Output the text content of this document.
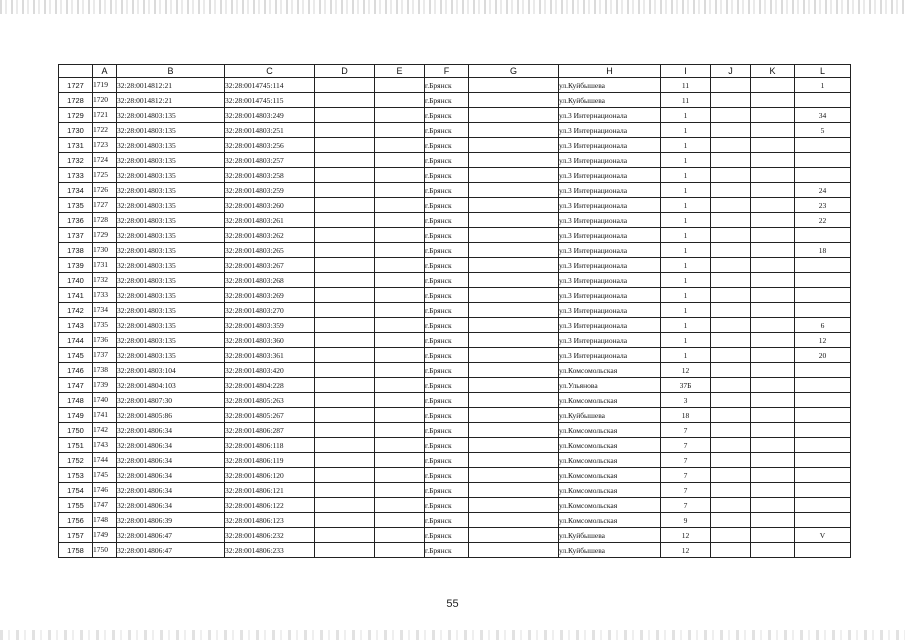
	A	B	C	D	E	F	G	H	I	J	K	L
1727	1719	32:28:0014812:21	32:28:0014745:114			г.Брянск		ул.Куйбышева	11			1
1728	1720	32:28:0014812:21	32:28:0014745:115			г.Брянск		ул.Куйбышева	11			
1729	1721	32:28:0014803:135	32:28:0014803:249			г.Брянск		ул.3 Интернационала	1			34
1730	1722	32:28:0014803:135	32:28:0014803:251			г.Брянск		ул.3 Интернационала	1			5
1731	1723	32:28:0014803:135	32:28:0014803:256			г.Брянск		ул.3 Интернационала	1			
1732	1724	32:28:0014803:135	32:28:0014803:257			г.Брянск		ул.3 Интернационала	1			
1733	1725	32:28:0014803:135	32:28:0014803:258			г.Брянск		ул.3 Интернационала	1			
1734	1726	32:28:0014803:135	32:28:0014803:259			г.Брянск		ул.3 Интернационала	1			24
1735	1727	32:28:0014803:135	32:28:0014803:260			г.Брянск		ул.3 Интернационала	1			23
1736	1728	32:28:0014803:135	32:28:0014803:261			г.Брянск		ул.3 Интернационала	1			22
1737	1729	32:28:0014803:135	32:28:0014803:262			г.Брянск		ул.3 Интернационала	1			
1738	1730	32:28:0014803:135	32:28:0014803:265			г.Брянск		ул.3 Интернационала	1			18
1739	1731	32:28:0014803:135	32:28:0014803:267			г.Брянск		ул.3 Интернационала	1			
1740	1732	32:28:0014803:135	32:28:0014803:268			г.Брянск		ул.3 Интернационала	1			
1741	1733	32:28:0014803:135	32:28:0014803:269			г.Брянск		ул.3 Интернационала	1			
1742	1734	32:28:0014803:135	32:28:0014803:270			г.Брянск		ул.3 Интернационала	1			
1743	1735	32:28:0014803:135	32:28:0014803:359			г.Брянск		ул.3 Интернационала	1			6
1744	1736	32:28:0014803:135	32:28:0014803:360			г.Брянск		ул.3 Интернационала	1			12
1745	1737	32:28:0014803:135	32:28:0014803:361			г.Брянск		ул.3 Интернационала	1			20
1746	1738	32:28:0014803:104	32:28:0014803:420			г.Брянск		ул.Комсомольская	12			
1747	1739	32:28:0014804:103	32:28:0014804:228			г.Брянск		ул.Ульянова	37Б			
1748	1740	32:28:0014807:30	32:28:0014805:263			г.Брянск		ул.Комсомольская	3			
1749	1741	32:28:0014805:86	32:28:0014805:267			г.Брянск		ул.Куйбышева	18			
1750	1742	32:28:0014806:34	32:28:0014806:287			г.Брянск		ул.Комсомольская	7			
1751	1743	32:28:0014806:34	32:28:0014806:118			г.Брянск		ул.Комсомольская	7			
1752	1744	32:28:0014806:34	32:28:0014806:119			г.Брянск		ул.Комсомольская	7			
1753	1745	32:28:0014806:34	32:28:0014806:120			г.Брянск		ул.Комсомольская	7			
1754	1746	32:28:0014806:34	32:28:0014806:121			г.Брянск		ул.Комсомольская	7			
1755	1747	32:28:0014806:34	32:28:0014806:122			г.Брянск		ул.Комсомольская	7			
1756	1748	32:28:0014806:39	32:28:0014806:123			г.Брянск		ул.Комсомольская	9			
1757	1749	32:28:0014806:47	32:28:0014806:232			г.Брянск		ул.Куйбышева	12			V
1758	1750	32:28:0014806:47	32:28:0014806:233			г.Брянск		ул.Куйбышева	12			
55
